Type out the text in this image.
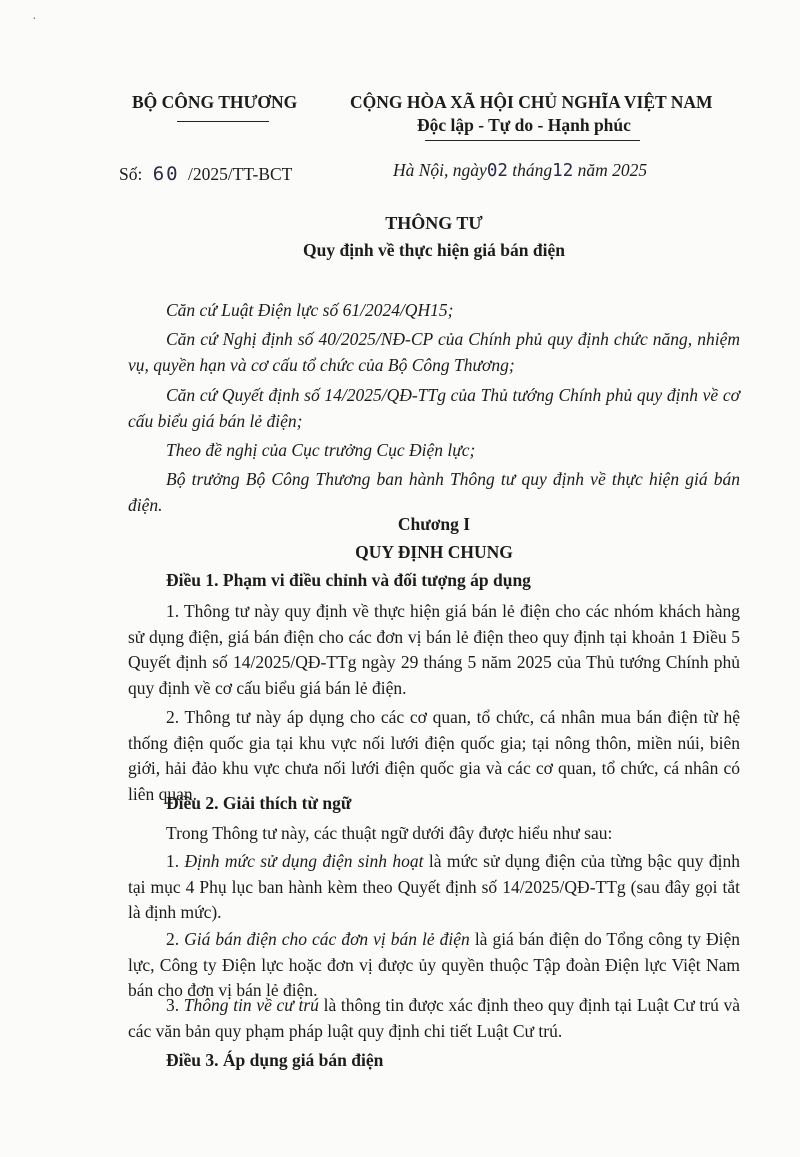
·
BỘ CÔNG THƯƠNG	CỘNG HÒA XÃ HỘI CHỦ NGHĨA VIỆT NAM
Độc lập - Tự do - Hạnh phúc
Số: 60 /2025/TT-BCT	Hà Nội, ngày02 tháng12 năm 2025
THÔNG TƯ
Quy định về thực hiện giá bán điện
Căn cứ Luật Điện lực số 61/2024/QH15;
Căn cứ Nghị định số 40/2025/NĐ-CP của Chính phủ quy định chức năng, nhiệm vụ, quyền hạn và cơ cấu tổ chức của Bộ Công Thương;
Căn cứ Quyết định số 14/2025/QĐ-TTg của Thủ tướng Chính phủ quy định về cơ cấu biểu giá bán lẻ điện;
Theo đề nghị của Cục trưởng Cục Điện lực;
Bộ trưởng Bộ Công Thương ban hành Thông tư quy định về thực hiện giá bán điện.
Chương I
QUY ĐỊNH CHUNG
Điều 1. Phạm vi điều chỉnh và đối tượng áp dụng
1. Thông tư này quy định về thực hiện giá bán lẻ điện cho các nhóm khách hàng sử dụng điện, giá bán điện cho các đơn vị bán lẻ điện theo quy định tại khoản 1 Điều 5 Quyết định số 14/2025/QĐ-TTg ngày 29 tháng 5 năm 2025 của Thủ tướng Chính phủ quy định về cơ cấu biểu giá bán lẻ điện.
2. Thông tư này áp dụng cho các cơ quan, tổ chức, cá nhân mua bán điện từ hệ thống điện quốc gia tại khu vực nối lưới điện quốc gia; tại nông thôn, miền núi, biên giới, hải đảo khu vực chưa nối lưới điện quốc gia và các cơ quan, tổ chức, cá nhân có liên quan.
Điều 2. Giải thích từ ngữ
Trong Thông tư này, các thuật ngữ dưới đây được hiểu như sau:
1. Định mức sử dụng điện sinh hoạt là mức sử dụng điện của từng bậc quy định tại mục 4 Phụ lục ban hành kèm theo Quyết định số 14/2025/QĐ-TTg (sau đây gọi tắt là định mức).
2. Giá bán điện cho các đơn vị bán lẻ điện là giá bán điện do Tổng công ty Điện lực, Công ty Điện lực hoặc đơn vị được ủy quyền thuộc Tập đoàn Điện lực Việt Nam bán cho đơn vị bán lẻ điện.
3. Thông tin về cư trú là thông tin được xác định theo quy định tại Luật Cư trú và các văn bản quy phạm pháp luật quy định chi tiết Luật Cư trú.
Điều 3. Áp dụng giá bán điện
